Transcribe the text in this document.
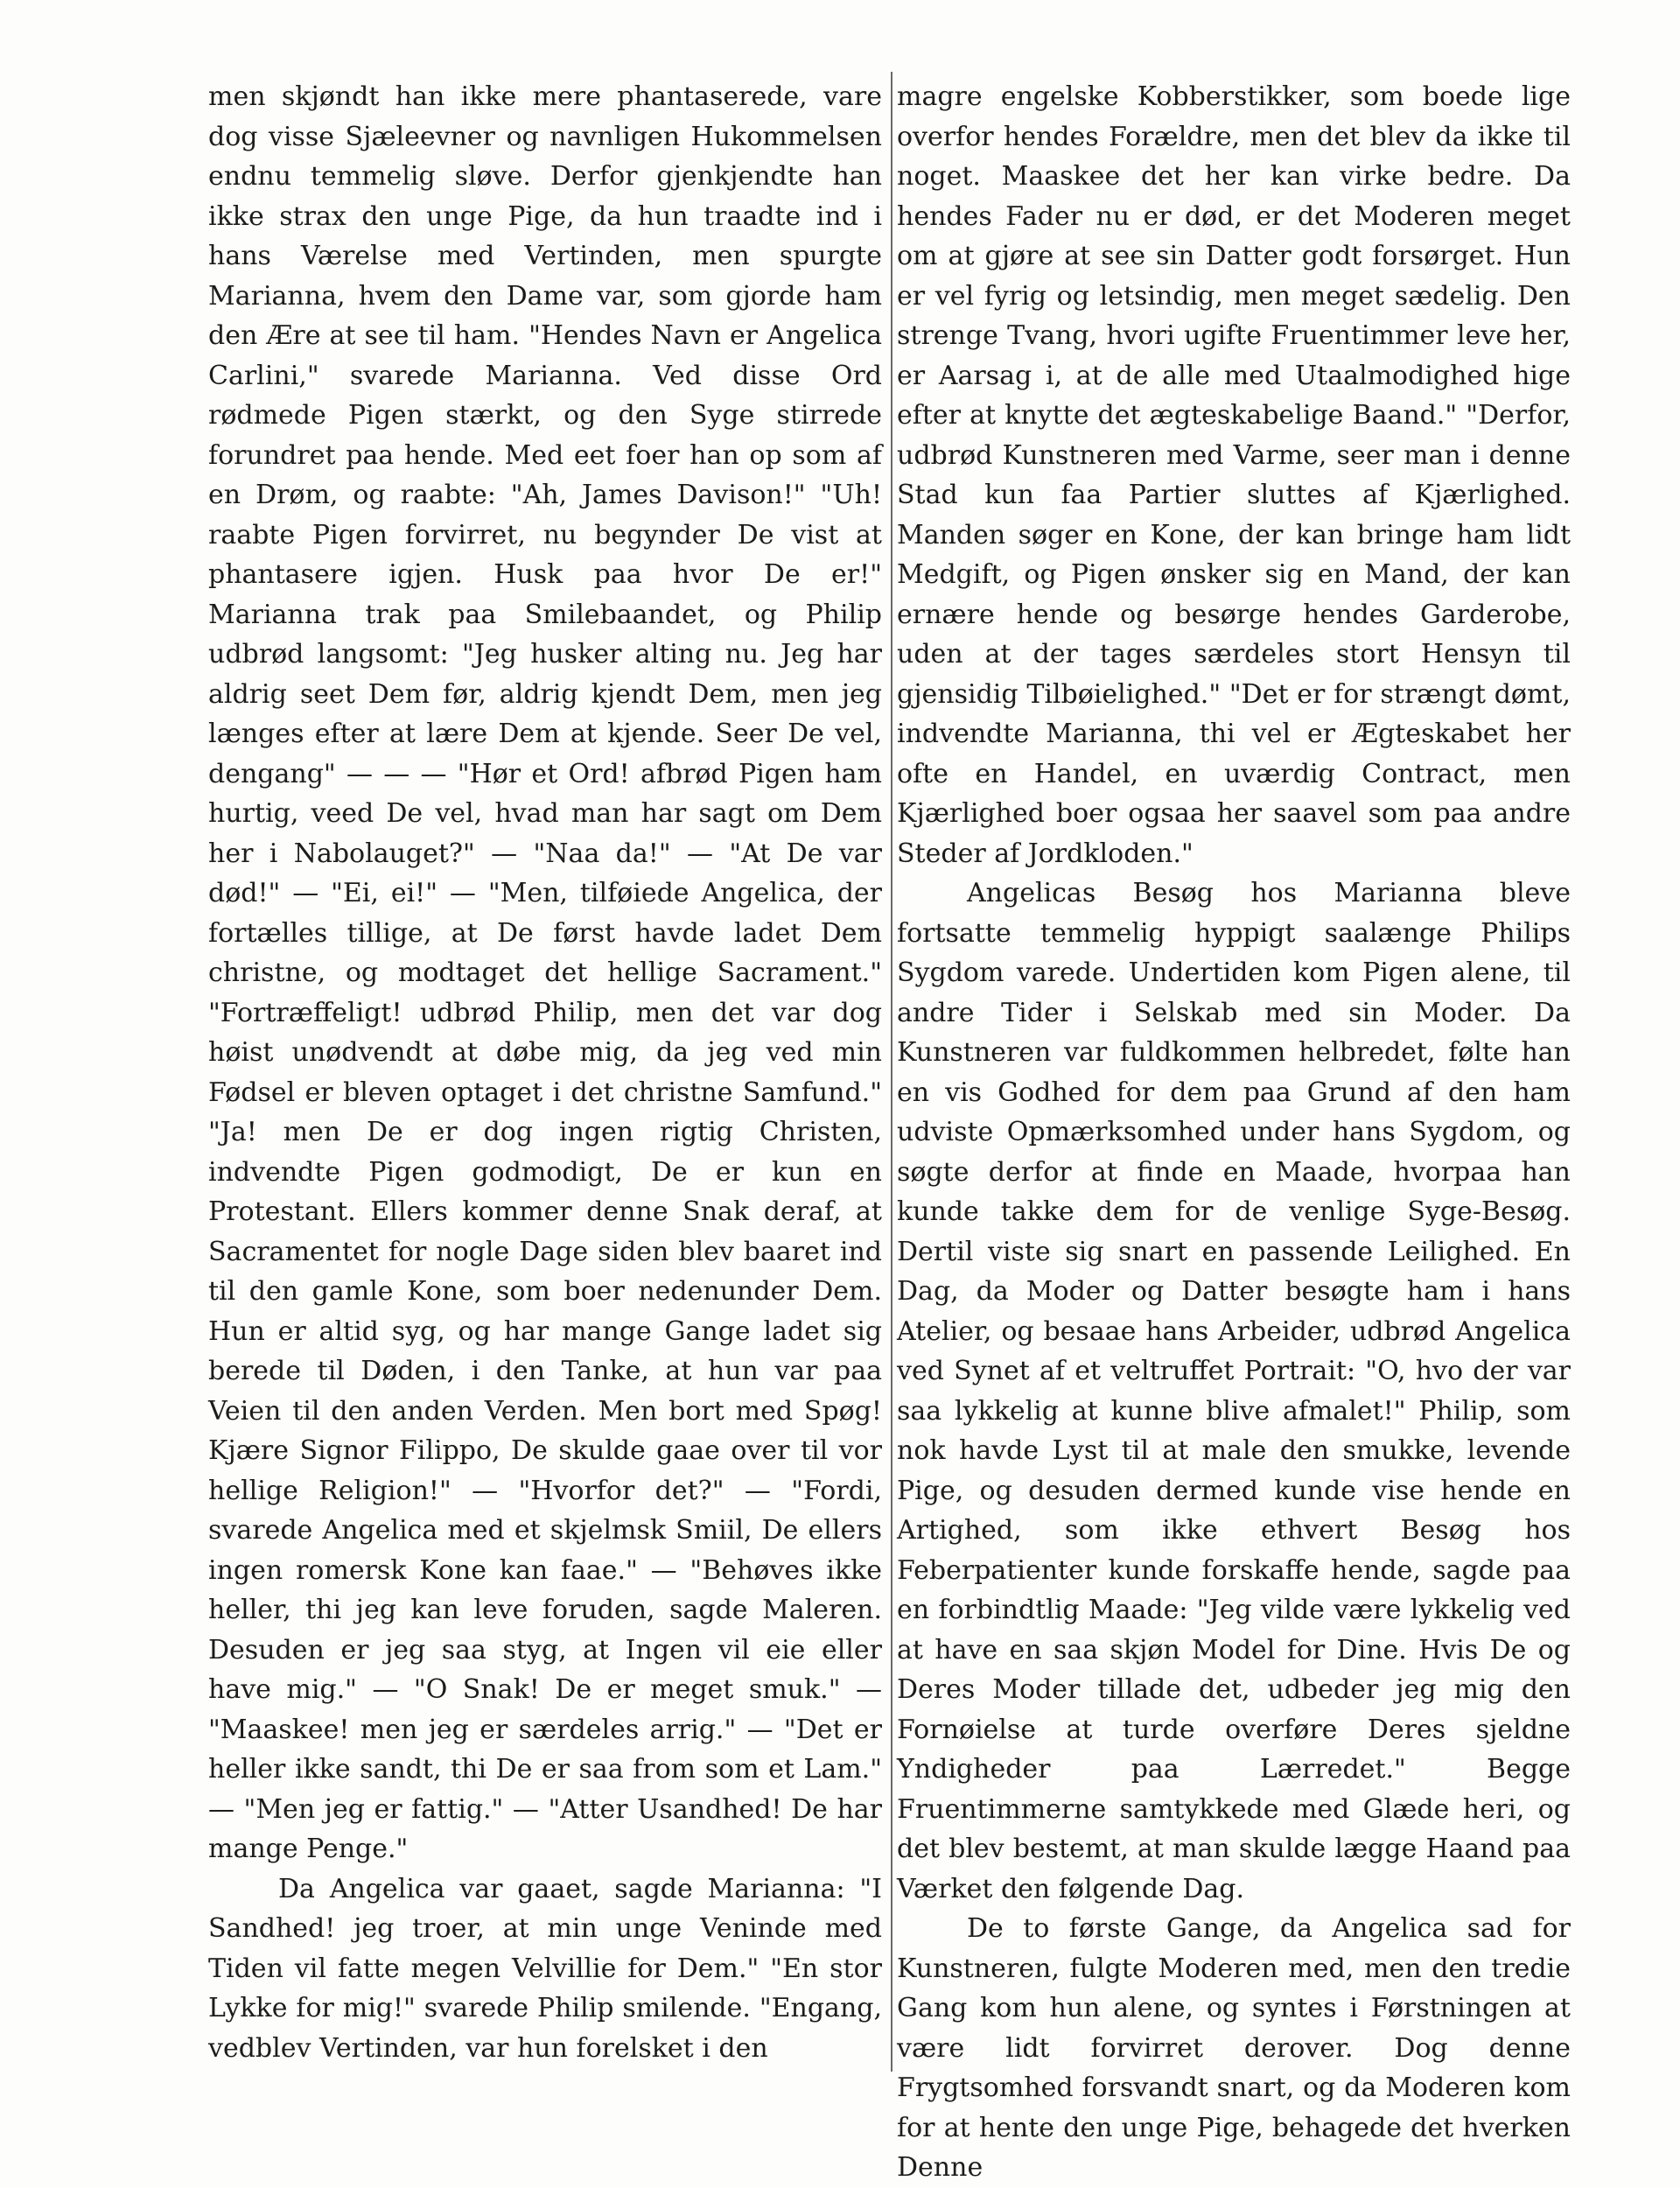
men skjøndt han ikke mere phantaserede, vare dog visse Sjæleevner og navnligen Hukommelsen endnu temmelig sløve. Derfor gjenkjendte han ikke strax den unge Pige, da hun traadte ind i hans Værelse med Vertinden, men spurgte Marianna, hvem den Dame var, som gjorde ham den Ære at see til ham. "Hendes Navn er Angelica Carlini," svarede Marianna. Ved disse Ord rødmede Pigen stærkt, og den Syge stirrede forundret paa hende. Med eet foer han op som af en Drøm, og raabte: "Ah, James Davison!" "Uh! raabte Pigen forvirret, nu begynder De vist at phantasere igjen. Husk paa hvor De er!" Marianna trak paa Smilebaandet, og Philip udbrød langsomt: "Jeg husker alting nu. Jeg har aldrig seet Dem før, aldrig kjendt Dem, men jeg længes efter at lære Dem at kjende. Seer De vel, dengang" — — — "Hør et Ord! afbrød Pigen ham hurtig, veed De vel, hvad man har sagt om Dem her i Nabolauget?" — "Naa da!" — "At De var død!" — "Ei, ei!" — "Men, tilføiede Angelica, der fortælles tillige, at De først havde ladet Dem christne, og modtaget det hellige Sacrament." "Fortræffeligt! udbrød Philip, men det var dog høist unødvendt at døbe mig, da jeg ved min Fødsel er bleven optaget i det christne Samfund." "Ja! men De er dog ingen rigtig Christen, indvendte Pigen godmodigt, De er kun en Protestant. Ellers kommer denne Snak deraf, at Sacramentet for nogle Dage siden blev baaret ind til den gamle Kone, som boer nedenunder Dem. Hun er altid syg, og har mange Gange ladet sig berede til Døden, i den Tanke, at hun var paa Veien til den anden Verden. Men bort med Spøg! Kjære Signor Filippo, De skulde gaae over til vor hellige Religion!" — "Hvorfor det?" — "Fordi, svarede Angelica med et skjelmsk Smiil, De ellers ingen romersk Kone kan faae." — "Behøves ikke heller, thi jeg kan leve foruden, sagde Maleren. Desuden er jeg saa styg, at Ingen vil eie eller have mig." — "O Snak! De er meget smuk." — "Maaskee! men jeg er særdeles arrig." — "Det er heller ikke sandt, thi De er saa from som et Lam." — "Men jeg er fattig." — "Atter Usandhed! De har mange Penge."

Da Angelica var gaaet, sagde Marianna: "I Sandhed! jeg troer, at min unge Veninde med Tiden vil fatte megen Velvillie for Dem." "En stor Lykke for mig!" svarede Philip smilende. "Engang, vedblev Vertinden, var hun forelsket i den

magre engelske Kobberstikker, som boede lige overfor hendes Forældre, men det blev da ikke til noget. Maaskee det her kan virke bedre. Da hendes Fader nu er død, er det Moderen meget om at gjøre at see sin Datter godt forsørget. Hun er vel fyrig og letsindig, men meget sædelig. Den strenge Tvang, hvori ugifte Fruentimmer leve her, er Aarsag i, at de alle med Utaalmodighed hige efter at knytte det ægteskabelige Baand." "Derfor, udbrød Kunstneren med Varme, seer man i denne Stad kun faa Partier sluttes af Kjærlighed. Manden søger en Kone, der kan bringe ham lidt Medgift, og Pigen ønsker sig en Mand, der kan ernære hende og besørge hendes Garderobe, uden at der tages særdeles stort Hensyn til gjensidig Tilbøielighed." "Det er for strængt dømt, indvendte Marianna, thi vel er Ægteskabet her ofte en Handel, en uværdig Contract, men Kjærlighed boer ogsaa her saavel som paa andre Steder af Jordkloden."

Angelicas Besøg hos Marianna bleve fortsatte temmelig hyppigt saalænge Philips Sygdom varede. Undertiden kom Pigen alene, til andre Tider i Selskab med sin Moder. Da Kunstneren var fuldkommen helbredet, følte han en vis Godhed for dem paa Grund af den ham udviste Opmærksomhed under hans Sygdom, og søgte derfor at finde en Maade, hvorpaa han kunde takke dem for de venlige Syge-Besøg. Dertil viste sig snart en passende Leilighed. En Dag, da Moder og Datter besøgte ham i hans Atelier, og besaae hans Arbeider, udbrød Angelica ved Synet af et veltruffet Portrait: "O, hvo der var saa lykkelig at kunne blive afmalet!" Philip, som nok havde Lyst til at male den smukke, levende Pige, og desuden dermed kunde vise hende en Artighed, som ikke ethvert Besøg hos Feberpatienter kunde forskaffe hende, sagde paa en forbindtlig Maade: "Jeg vilde være lykkelig ved at have en saa skjøn Model for Dine. Hvis De og Deres Moder tillade det, udbeder jeg mig den Fornøielse at turde overføre Deres sjeldne Yndigheder paa Lærredet." Begge Fruentimmerne samtykkede med Glæde heri, og det blev bestemt, at man skulde lægge Haand paa Værket den følgende Dag.

De to første Gange, da Angelica sad for Kunstneren, fulgte Moderen med, men den tredie Gang kom hun alene, og syntes i Førstningen at være lidt forvirret derover. Dog denne Frygtsomhed forsvandt snart, og da Moderen kom for at hente den unge Pige, behagede det hverken Denne
